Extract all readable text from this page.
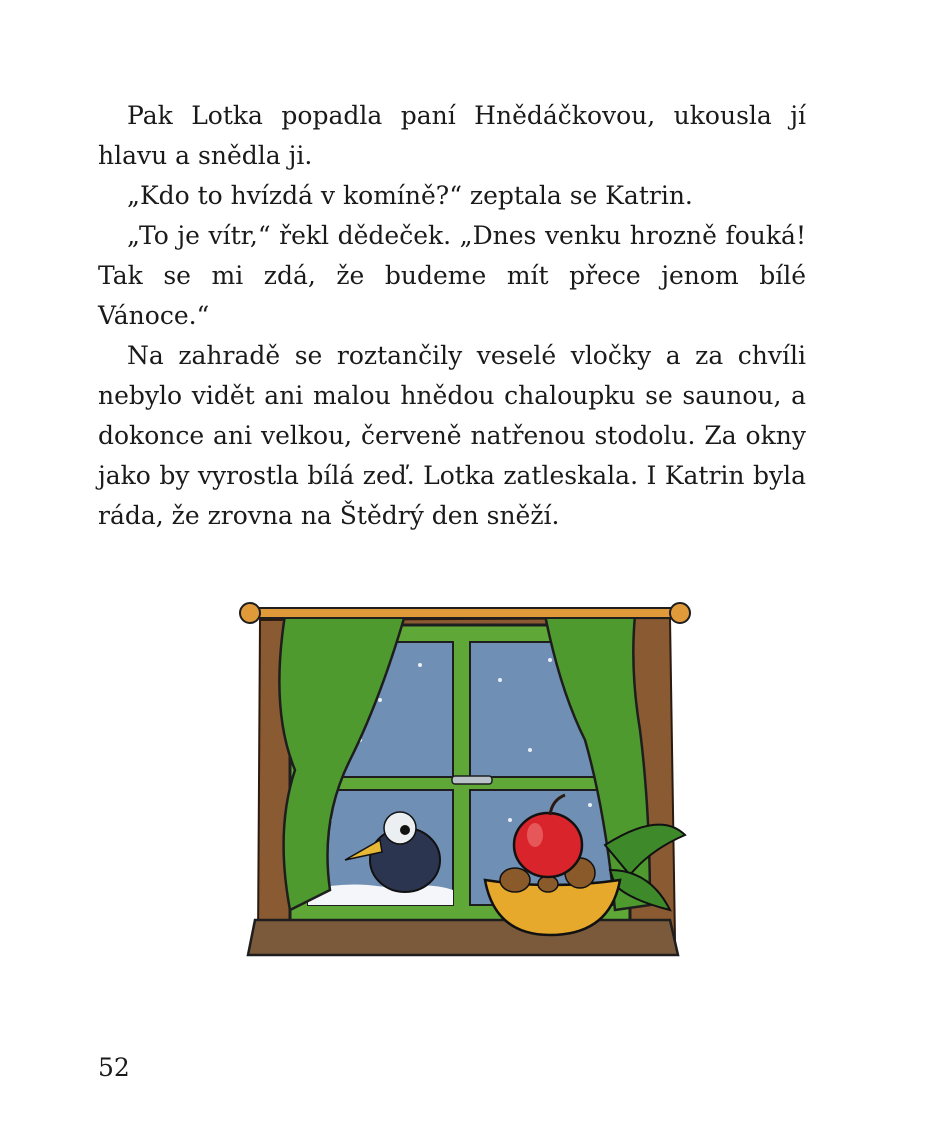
Pak Lotka popadla paní Hnědáčkovou, ukousla jí hlavu a snědla ji.

„Kdo to hvízdá v komíně?“ zeptala se Katrin.

„To je vítr,“ řekl dědeček. „Dnes venku hrozně fouká! Tak se mi zdá, že budeme mít přece jenom bílé Vánoce.“

Na zahradě se roztančily veselé vločky a za chvíli nebylo vidět ani malou hnědou chaloupku se saunou, a dokonce ani velkou, červeně natřenou stodolu. Za okny jako by vyrostla bílá zeď. Lotka zatleskala. I Katrin byla ráda, že zrovna na Štědrý den sněží.

52
